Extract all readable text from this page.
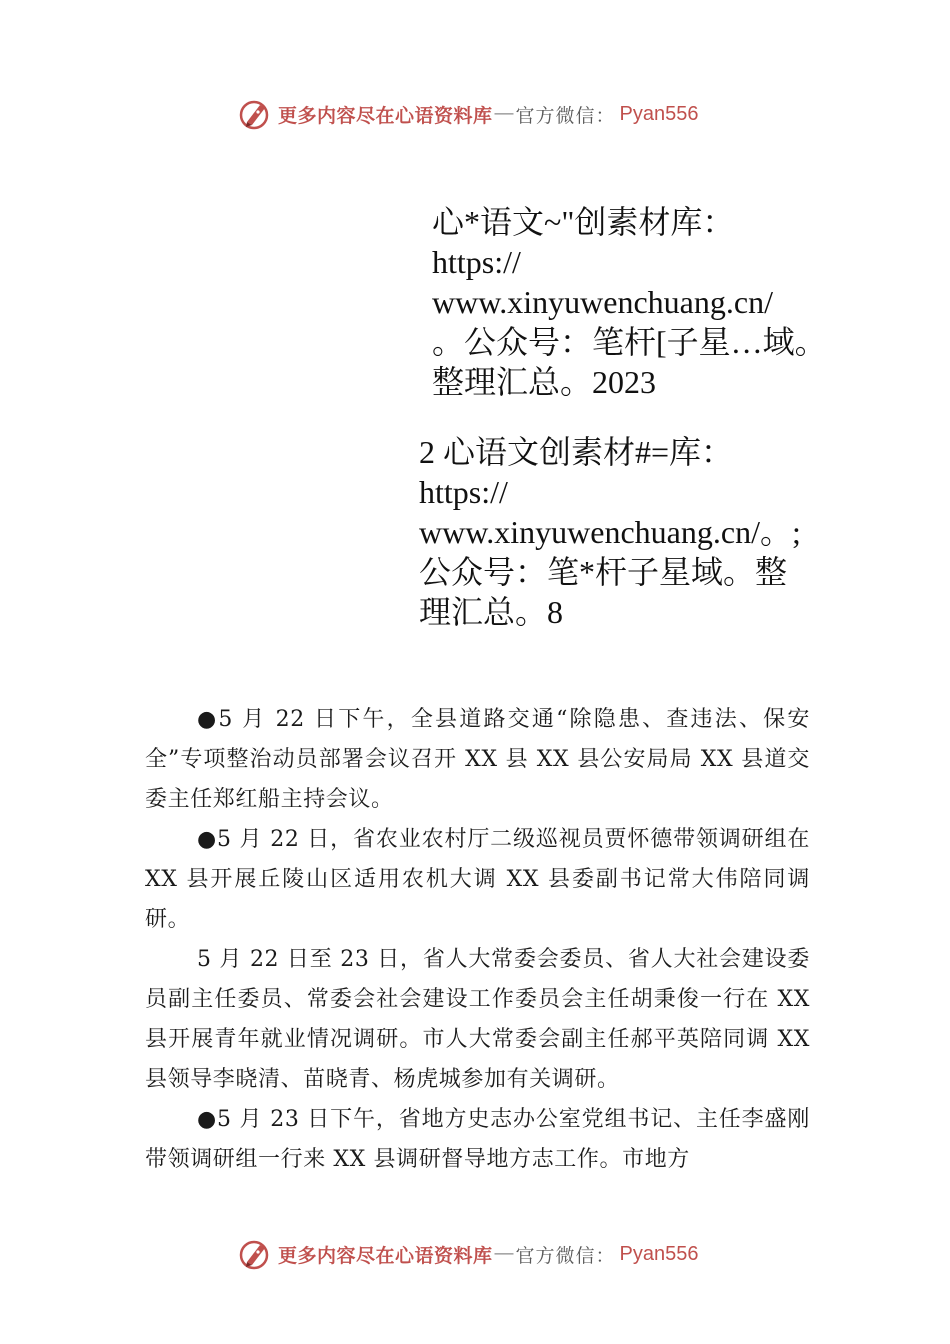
更多内容尽在心语资料库 — 官方微信： Pyan556
心*语文~"创素材库：
https://
www.xinyuwenchuang.cn/
。公众号：笔杆[子星…域。
整理汇总。2023
2 心语文创素材#=库：
https://
www.xinyuwenchuang.cn/。;
公众号：笔*杆子星域。整
理汇总。8

●5 月 22 日下午，全县道路交通“除隐患、查违法、保安全”专项整治动员部署会议召开 XX 县 XX 县公安局局 XX 县道交委主任郑红船主持会议。

●5 月 22 日，省农业农村厅二级巡视员贾怀德带领调研组在 XX 县开展丘陵山区适用农机大调 XX 县委副书记常大伟陪同调研。

5 月 22 日至 23 日，省人大常委会委员、省人大社会建设委员副主任委员、常委会社会建设工作委员会主任胡秉俊一行在 XX 县开展青年就业情况调研。市人大常委会副主任郝平英陪同调 XX 县领导李晓清、苗晓青、杨虎城参加有关调研。

●5 月 23 日下午，省地方史志办公室党组书记、主任李盛刚带领调研组一行来 XX 县调研督导地方志工作。市地方

更多内容尽在心语资料库 — 官方微信： Pyan556
